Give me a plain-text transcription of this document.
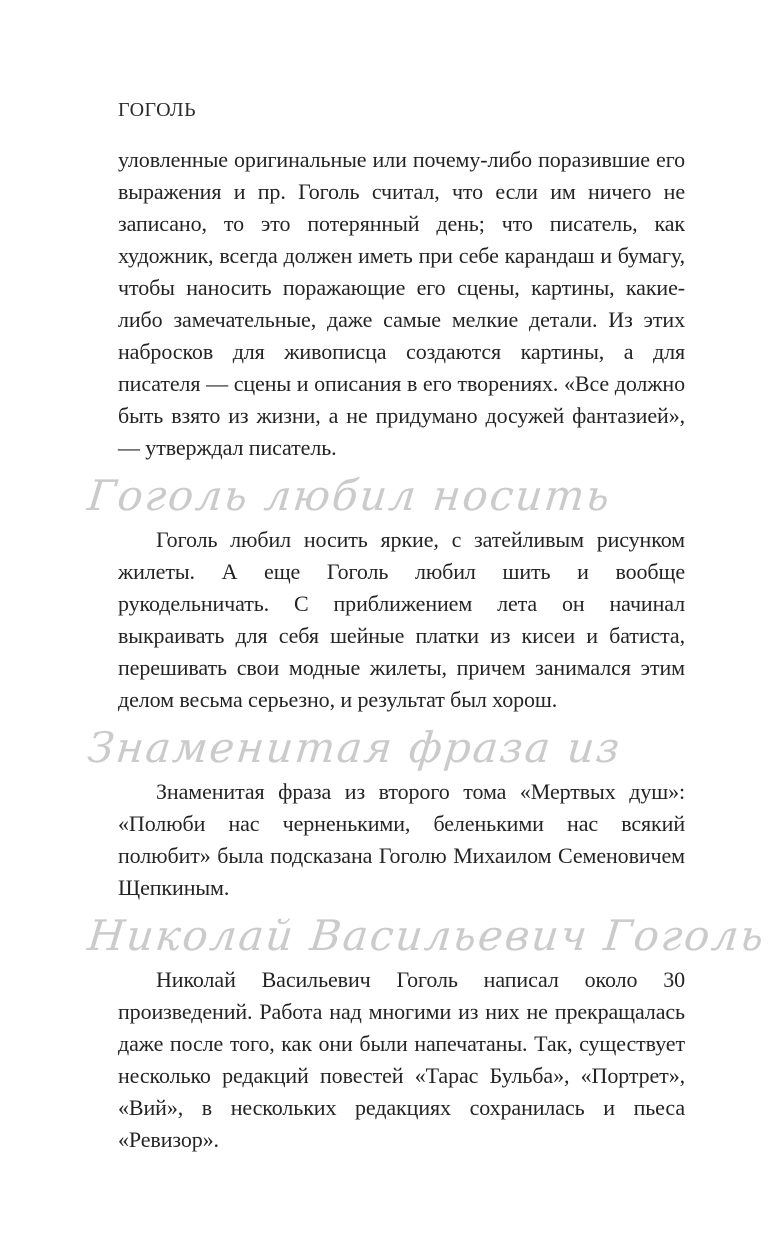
ГОГОЛЬ

уловленные оригинальные или почему-либо поразившие его выражения и пр. Гоголь считал, что если им ничего не записано, то это потерянный день; что писатель, как художник, всегда должен иметь при себе карандаш и бумагу, чтобы наносить поражающие его сцены, картины, какие-либо замечательные, даже самые мелкие детали. Из этих набросков для живописца создаются картины, а для писателя — сцены и описания в его творениях. «Все должно быть взято из жизни, а не придумано досужей фантазией», — утверждал писатель.

Гоголь любил носить

Гоголь любил носить яркие, с затейливым рисунком жилеты. А еще Гоголь любил шить и вообще рукодельничать. С приближением лета он начинал выкраивать для себя шейные платки из кисеи и батиста, перешивать свои модные жилеты, причем занимался этим делом весьма серьезно, и результат был хорош.

Знаменитая фраза из

Знаменитая фраза из второго тома «Мертвых душ»: «Полюби нас черненькими, беленькими нас всякий полюбит» была подсказана Гоголю Михаилом Семеновичем Щепкиным.

Николай Васильевич Гоголь

Николай Васильевич Гоголь написал около 30 произведений. Работа над многими из них не прекращалась даже после того, как они были напечатаны. Так, существует несколько редакций повестей «Тарас Бульба», «Портрет», «Вий», в нескольких редакциях сохранилась и пьеса «Ревизор».
